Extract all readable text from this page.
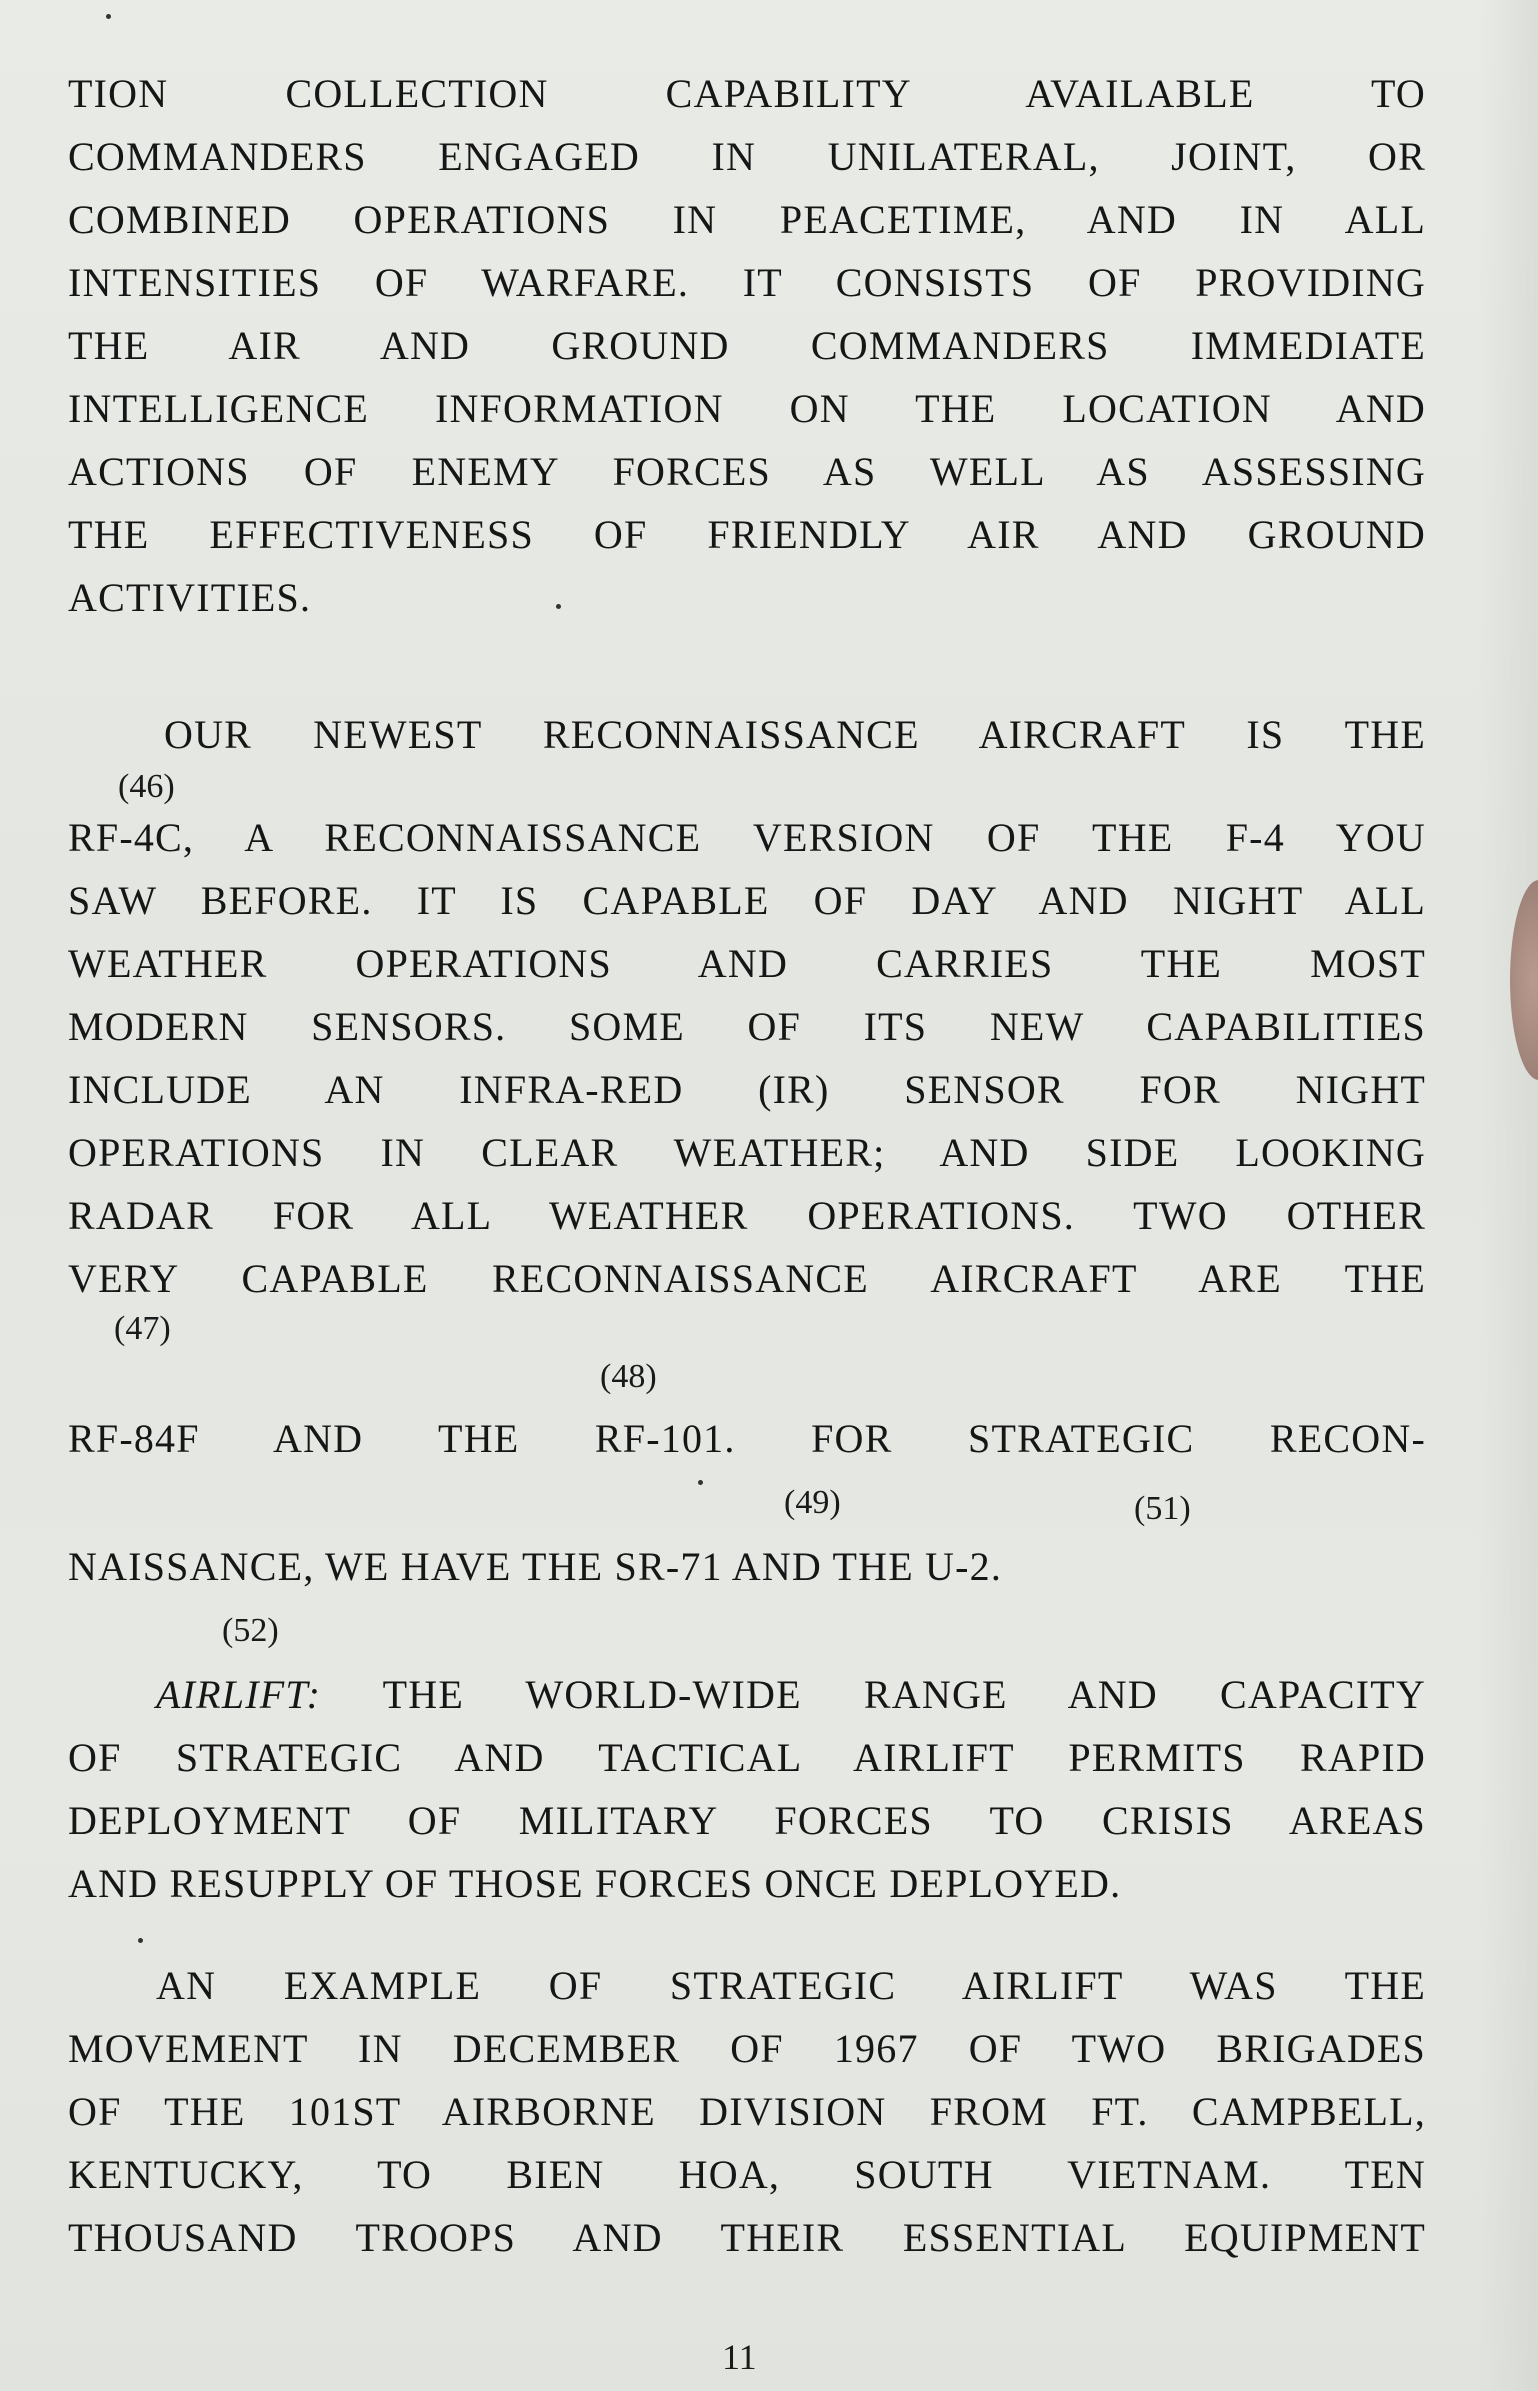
TION COLLECTION CAPABILITY AVAILABLE TO
COMMANDERS ENGAGED IN UNILATERAL, JOINT, OR
COMBINED OPERATIONS IN PEACETIME, AND IN ALL
INTENSITIES OF WARFARE. IT CONSISTS OF PROVIDING
THE AIR AND GROUND COMMANDERS IMMEDIATE
INTELLIGENCE INFORMATION ON THE LOCATION AND
ACTIONS OF ENEMY FORCES AS WELL AS ASSESSING
THE EFFECTIVENESS OF FRIENDLY AIR AND GROUND
ACTIVITIES.
OUR NEWEST RECONNAISSANCE AIRCRAFT IS THE
(46)
RF-4C, A RECONNAISSANCE VERSION OF THE F-4 YOU
SAW BEFORE. IT IS CAPABLE OF DAY AND NIGHT ALL
WEATHER OPERATIONS AND CARRIES THE MOST
MODERN SENSORS. SOME OF ITS NEW CAPABILITIES
INCLUDE AN INFRA-RED (IR) SENSOR FOR NIGHT
OPERATIONS IN CLEAR WEATHER; AND SIDE LOOKING
RADAR FOR ALL WEATHER OPERATIONS. TWO OTHER
VERY CAPABLE RECONNAISSANCE AIRCRAFT ARE THE
(47)
(48)
RF-84F AND THE RF-101. FOR STRATEGIC RECON-
(49)	(51)
NAISSANCE, WE HAVE THE SR-71 AND THE U-2.
(52)
AIRLIFT: THE WORLD-WIDE RANGE AND CAPACITY
OF STRATEGIC AND TACTICAL AIRLIFT PERMITS RAPID
DEPLOYMENT OF MILITARY FORCES TO CRISIS AREAS
AND RESUPPLY OF THOSE FORCES ONCE DEPLOYED.
AN EXAMPLE OF STRATEGIC AIRLIFT WAS THE
MOVEMENT IN DECEMBER OF 1967 OF TWO BRIGADES
OF THE 101ST AIRBORNE DIVISION FROM FT. CAMPBELL,
KENTUCKY, TO BIEN HOA, SOUTH VIETNAM. TEN
THOUSAND TROOPS AND THEIR ESSENTIAL EQUIPMENT
11
